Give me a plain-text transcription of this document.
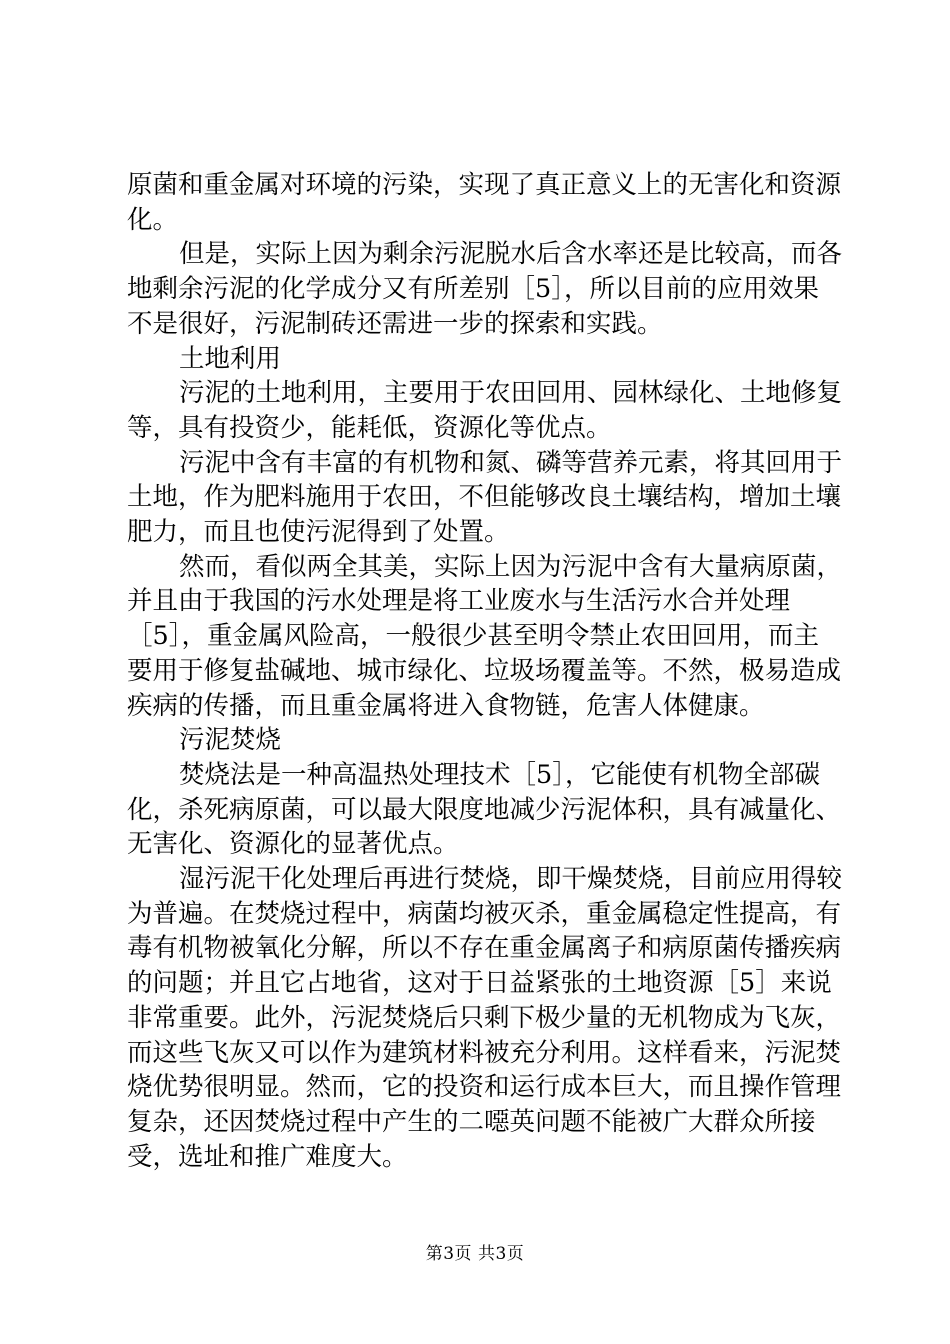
原菌和重金属对环境的污染，实现了真正意义上的无害化和资源化。

但是，实际上因为剩余污泥脱水后含水率还是比较高，而各地剩余污泥的化学成分又有所差别［5］，所以目前的应用效果不是很好，污泥制砖还需进一步的探索和实践。

土地利用

污泥的土地利用，主要用于农田回用、园林绿化、土地修复等，具有投资少，能耗低，资源化等优点。

污泥中含有丰富的有机物和氮、磷等营养元素，将其回用于土地，作为肥料施用于农田，不但能够改良土壤结构，增加土壤肥力，而且也使污泥得到了处置。

然而，看似两全其美，实际上因为污泥中含有大量病原菌，并且由于我国的污水处理是将工业废水与生活污水合并处理［5］，重金属风险高，一般很少甚至明令禁止农田回用，而主要用于修复盐碱地、城市绿化、垃圾场覆盖等。不然，极易造成疾病的传播，而且重金属将进入食物链，危害人体健康。

污泥焚烧

焚烧法是一种高温热处理技术［5］，它能使有机物全部碳化，杀死病原菌，可以最大限度地减少污泥体积，具有减量化、无害化、资源化的显著优点。

湿污泥干化处理后再进行焚烧，即干燥焚烧，目前应用得较为普遍。在焚烧过程中，病菌均被灭杀，重金属稳定性提高，有毒有机物被氧化分解，所以不存在重金属离子和病原菌传播疾病的问题；并且它占地省，这对于日益紧张的土地资源［5］来说非常重要。此外，污泥焚烧后只剩下极少量的无机物成为飞灰，而这些飞灰又可以作为建筑材料被充分利用。这样看来，污泥焚烧优势很明显。然而，它的投资和运行成本巨大，而且操作管理复杂，还因焚烧过程中产生的二噁英问题不能被广大群众所接受，选址和推广难度大。

第3页 共3页
